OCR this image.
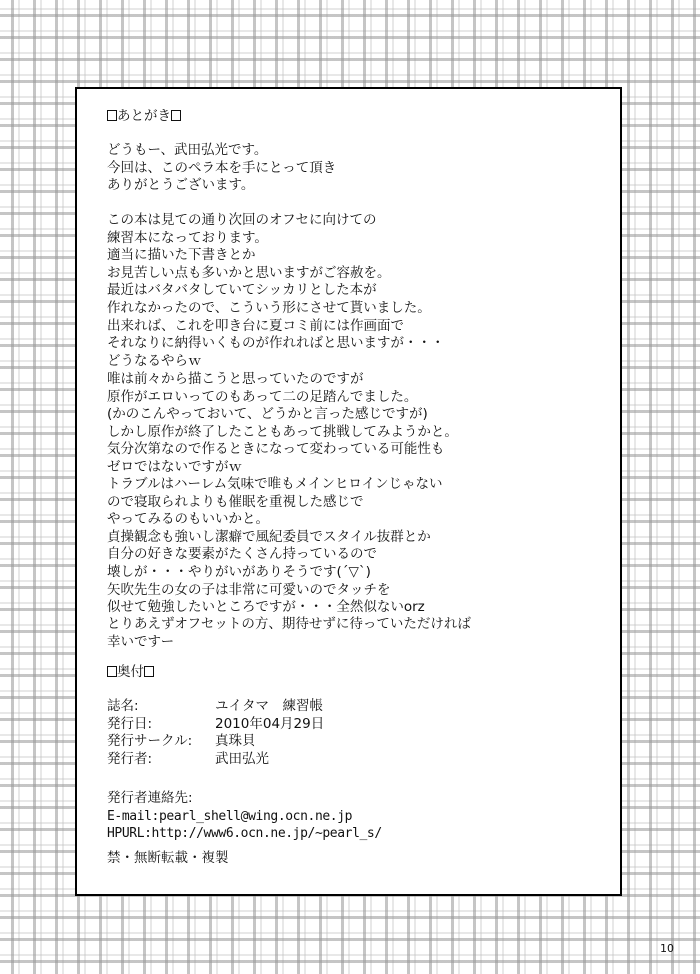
あとがき
どうもー、武田弘光です。
今回は、このペラ本を手にとって頂き
ありがとうございます。
この本は見ての通り次回のオフセに向けての
練習本になっております。
適当に描いた下書きとか
お見苦しい点も多いかと思いますがご容赦を。
最近はバタバタしていてシッカリとした本が
作れなかったので、こういう形にさせて貰いました。
出来れば、これを叩き台に夏コミ前には作画面で
それなりに納得いくものが作れればと思いますが・・・
どうなるやらｗ
唯は前々から描こうと思っていたのですが
原作がエロいってのもあって二の足踏んでました。
(かのこんやっておいて、どうかと言った感じですが)
しかし原作が終了したこともあって挑戦してみようかと。
気分次第なので作るときになって変わっている可能性も
ゼロではないですがｗ
トラブルはハーレム気味で唯もメインヒロインじゃない
ので寝取られよりも催眠を重視した感じで
やってみるのもいいかと。
貞操観念も強いし潔癖で風紀委員でスタイル抜群とか
自分の好きな要素がたくさん持っているので
壊しが・・・やりがいがありそうです(´▽`)
矢吹先生の女の子は非常に可愛いのでタッチを
似せて勉強したいところですが・・・全然似ないorz
とりあえずオフセットの方、期待せずに待っていただければ
幸いですー
奥付
誌名:	ユイタマ　練習帳
発行日:	2010年04月29日
発行サークル:	真珠貝
発行者:	武田弘光
発行者連絡先:
E-mail:pearl_shell@wing.ocn.ne.jp
HPURL:http://www6.ocn.ne.jp/~pearl_s/
禁・無断転載・複製
10
